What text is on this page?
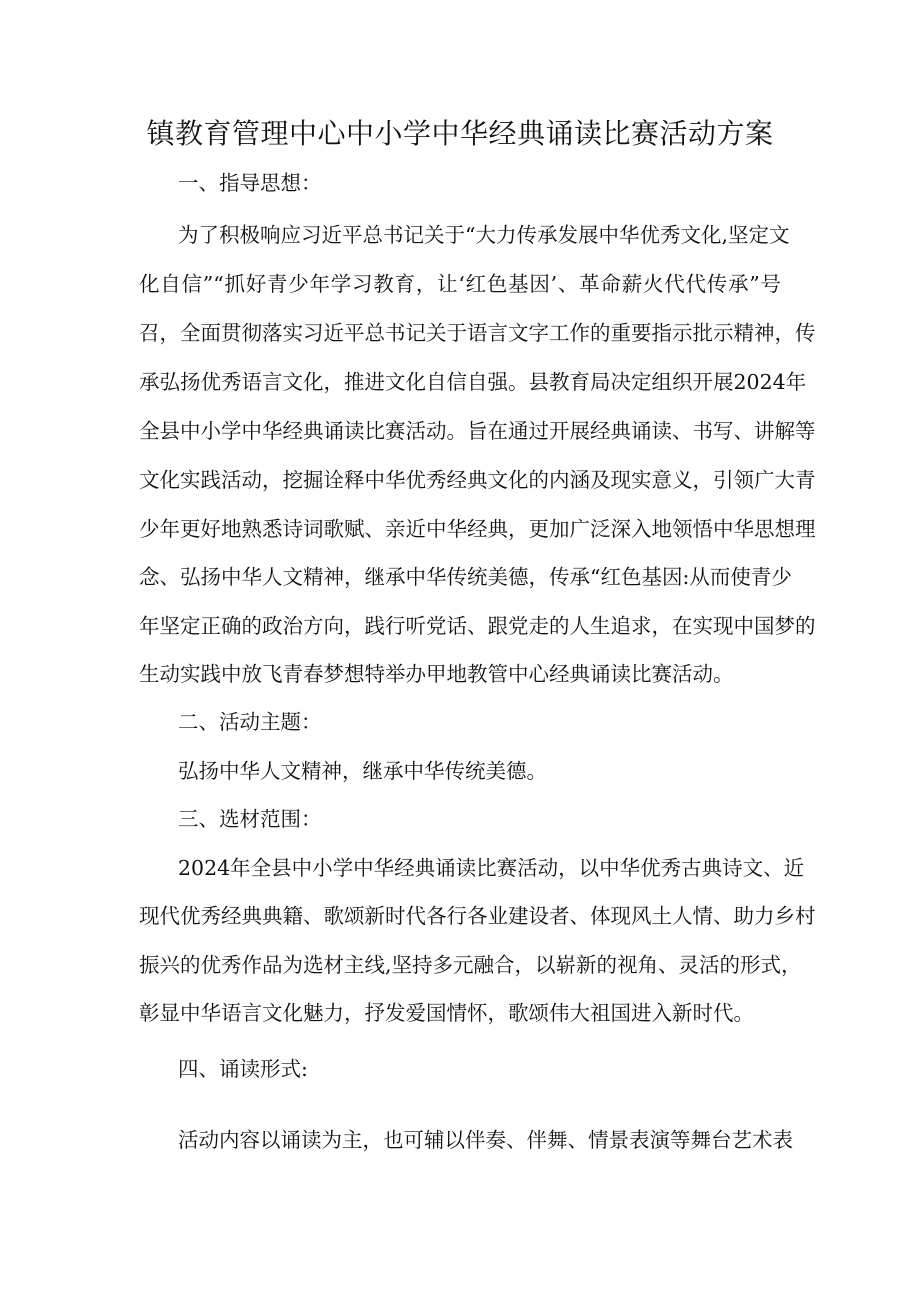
镇教育管理中心中小学中华经典诵读比赛活动方案
一、指导思想：
为了积极响应习近平总书记关于“大力传承发展中华优秀文化,坚定文
化自信”“抓好青少年学习教育，让‘红色基因’、革命薪火代代传承”号
召，全面贯彻落实习近平总书记关于语言文字工作的重要指示批示精神，传
承弘扬优秀语言文化，推进文化自信自强。县教育局决定组织开展2024年
全县中小学中华经典诵读比赛活动。旨在通过开展经典诵读、书写、讲解等
文化实践活动，挖掘诠释中华优秀经典文化的内涵及现实意义，引领广大青
少年更好地熟悉诗词歌赋、亲近中华经典，更加广泛深入地领悟中华思想理
念、弘扬中华人文精神，继承中华传统美德，传承“红色基因:从而使青少
年坚定正确的政治方向，践行听党话、跟党走的人生追求，在实现中国梦的
生动实践中放飞青春梦想特举办甲地教管中心经典诵读比赛活动。
二、活动主题：
弘扬中华人文精神，继承中华传统美德。
三、选材范围：
2024年全县中小学中华经典诵读比赛活动，以中华优秀古典诗文、近
现代优秀经典典籍、歌颂新时代各行各业建设者、体现风土人情、助力乡村
振兴的优秀作品为选材主线,坚持多元融合，以崭新的视角、灵活的形式，
彰显中华语言文化魅力，抒发爱国情怀，歌颂伟大祖国进入新时代。
四、诵读形式:
活动内容以诵读为主，也可辅以伴奏、伴舞、情景表演等舞台艺术表
